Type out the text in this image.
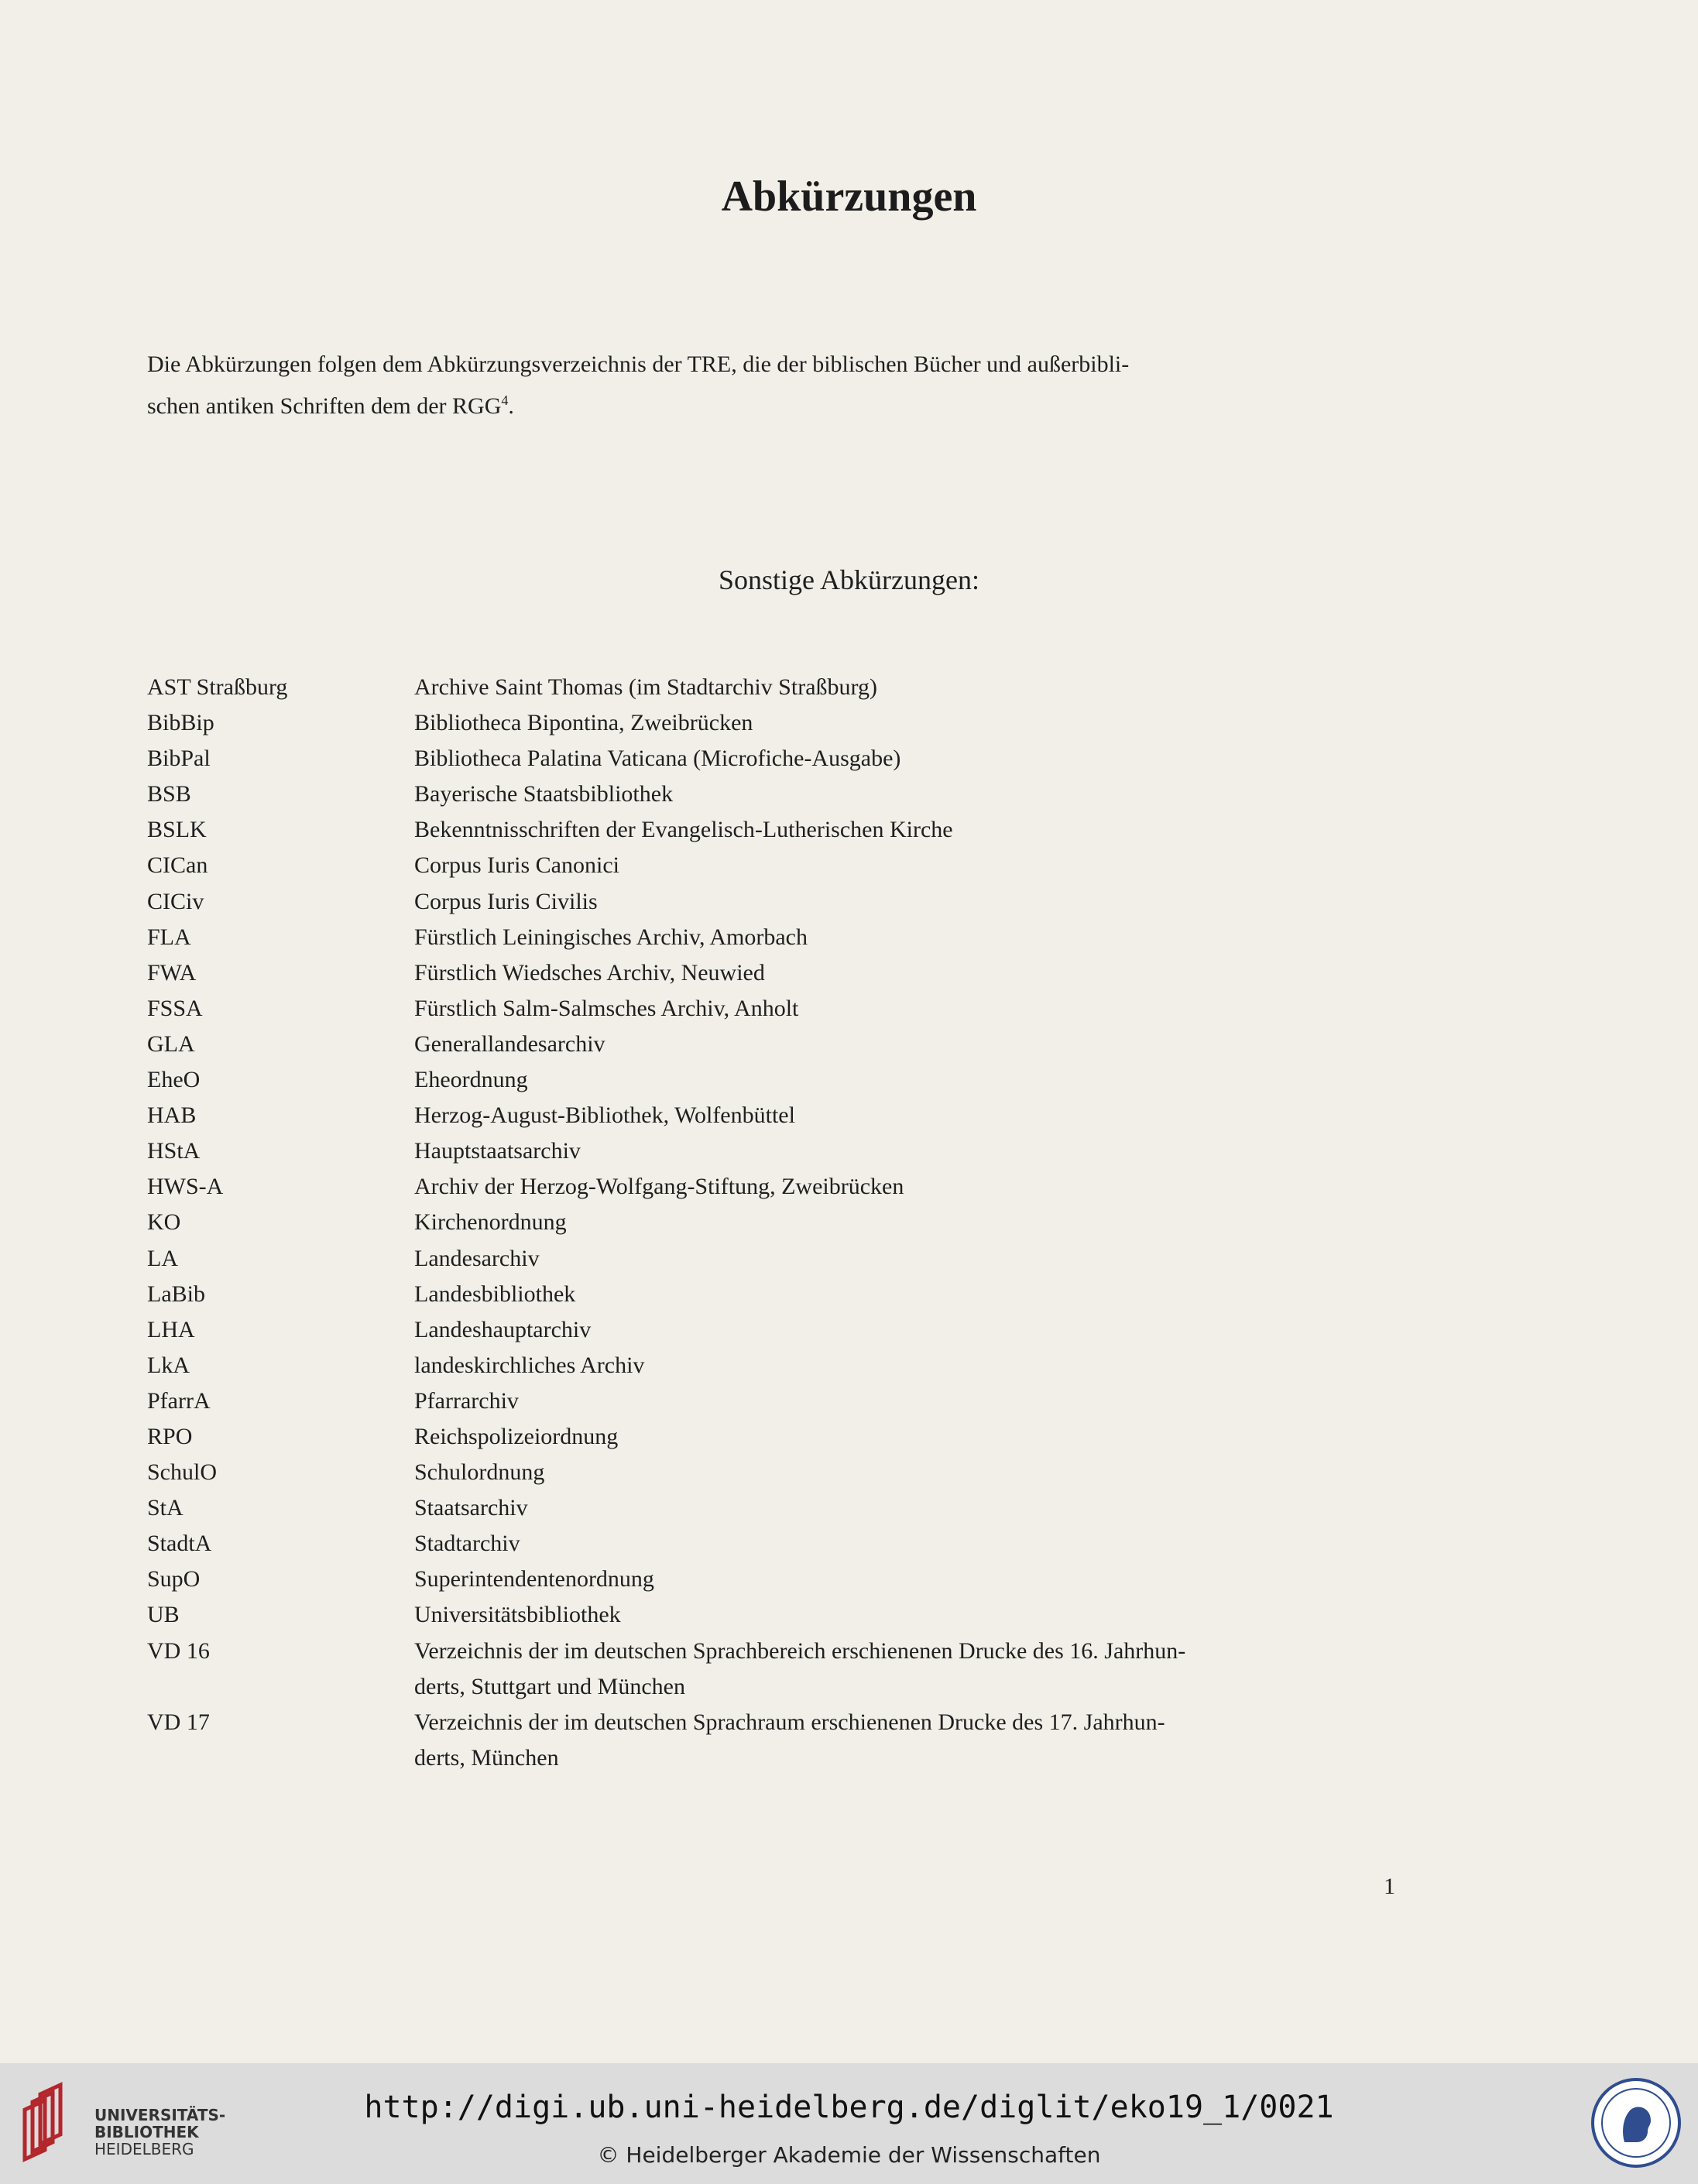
Abkürzungen

Die Abkürzungen folgen dem Abkürzungsverzeichnis der TRE, die der biblischen Bücher und außerbibli-

schen antiken Schriften dem der RGG$^4$.

Sonstige Abkürzungen:
AST Straßburg	Archive Saint Thomas (im Stadtarchiv Straßburg)
BibBip	Bibliotheca Bipontina, Zweibrücken
BibPal	Bibliotheca Palatina Vaticana (Microfiche-Ausgabe)
BSB	Bayerische Staatsbibliothek
BSLK	Bekenntnisschriften der Evangelisch-Lutherischen Kirche
CICan	Corpus Iuris Canonici
CICiv	Corpus Iuris Civilis
FLA	Fürstlich Leiningisches Archiv, Amorbach
FWA	Fürstlich Wiedsches Archiv, Neuwied
FSSA	Fürstlich Salm-Salmsches Archiv, Anholt
GLA	Generallandesarchiv
EheO	Eheordnung
HAB	Herzog-August-Bibliothek, Wolfenbüttel
HStA	Hauptstaatsarchiv
HWS-A	Archiv der Herzog-Wolfgang-Stiftung, Zweibrücken
KO	Kirchenordnung
LA	Landesarchiv
LaBib	Landesbibliothek
LHA	Landeshauptarchiv
LkA	landeskirchliches Archiv
PfarrA	Pfarrarchiv
RPO	Reichspolizeiordnung
SchulO	Schulordnung
StA	Staatsarchiv
StadtA	Stadtarchiv
SupO	Superintendentenordnung
UB	Universitätsbibliothek
VD 16	Verzeichnis der im deutschen Sprachbereich erschienenen Drucke des 16. Jahrhun-
derts, Stuttgart und München
VD 17	Verzeichnis der im deutschen Sprachraum erschienenen Drucke des 17. Jahrhun-
derts, München
1
UNIVERSITÄTS-
BIBLIOTHEK
HEIDELBERG
http://digi.ub.uni-heidelberg.de/diglit/eko19_1/0021
© Heidelberger Akademie der Wissenschaften
